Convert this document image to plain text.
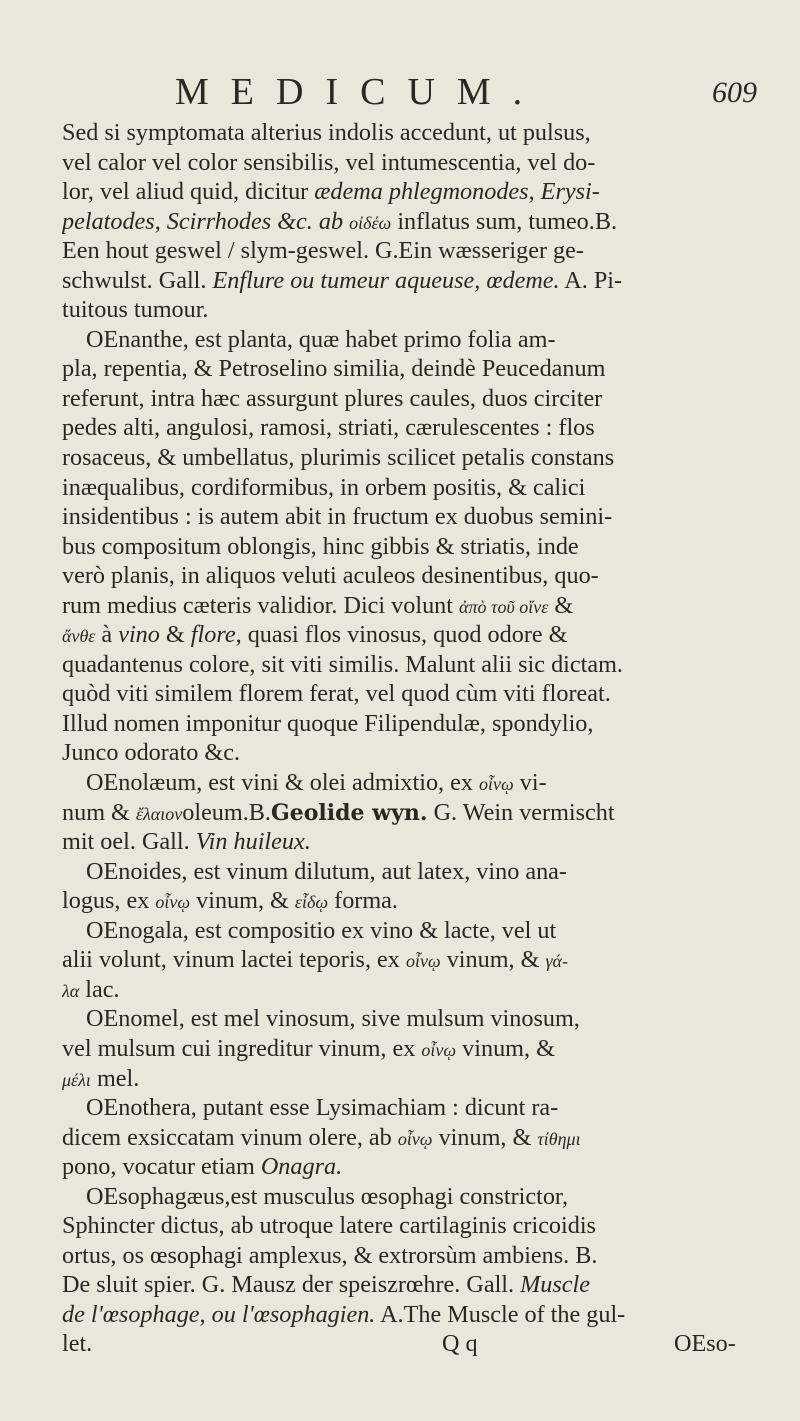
MEDICUM.	609
Sed si symptomata alterius indolis accedunt, ut pulsus,
vel calor vel color sensibilis, vel intumescentia, vel do-
lor, vel aliud quid, dicitur ædema phlegmonodes, Erysi-
pelatodes, Scirrhodes &c. ab οἰδέω inflatus sum, tumeo.B.
Een hout geswel / slym-geswel. G.Ein wæsseriger ge-
schwulst. Gall. Enflure ou tumeur aqueuse, œdeme. A. Pi-
tuitous tumour.
OEnanthe, est planta, quæ habet primo folia am-
pla, repentia, & Petroselino similia, deindè Peucedanum
referunt, intra hæc assurgunt plures caules, duos circiter
pedes alti, angulosi, ramosi, striati, cærulescentes : flos
rosaceus, & umbellatus, plurimis scilicet petalis constans
inæqualibus, cordiformibus, in orbem positis, & calici
insidentibus : is autem abit in fructum ex duobus semini-
bus compositum oblongis, hinc gibbis & striatis, inde
verò planis, in aliquos veluti aculeos desinentibus, quo-
rum medius cæteris validior. Dici volunt ἀπὸ τοῦ οἴνε &
ἄνθε à vino & flore, quasi flos vinosus, quod odore &
quadantenus colore, sit viti similis. Malunt alii sic dictam.
quòd viti similem florem ferat, vel quod cùm viti floreat.
Illud nomen imponitur quoque Filipendulæ, spondylio,
Junco odorato &c.
OEnolæum, est vini & olei admixtio, ex οἶνῳ vi-
num & ἔλαιονoleum.B.Geolide wyn. G. Wein vermischt
mit oel. Gall. Vin huileux.
OEnoides, est vinum dilutum, aut latex, vino ana-
logus, ex οἶνῳ vinum, & εἶδῳ forma.
OEnogala, est compositio ex vino & lacte, vel ut
alii volunt, vinum lactei teporis, ex οἶνῳ vinum, & γά-
λα lac.
OEnomel, est mel vinosum, sive mulsum vinosum,
vel mulsum cui ingreditur vinum, ex οἶνῳ vinum, &
μέλι mel.
OEnothera, putant esse Lysimachiam : dicunt ra-
dicem exsiccatam vinum olere, ab οἶνῳ vinum, & τίθημι
pono, vocatur etiam Onagra.
OEsophagæus,est musculus œsophagi constrictor,
Sphincter dictus, ab utroque latere cartilaginis cricoidis
ortus, os œsophagi amplexus, & extrorsùm ambiens. B.
De sluit spier. G. Mausz der speiszrœhre. Gall. Muscle
de l'œsophage, ou l'œsophagien. A.The Muscle of the gul-
let.	Q q	OEso-
